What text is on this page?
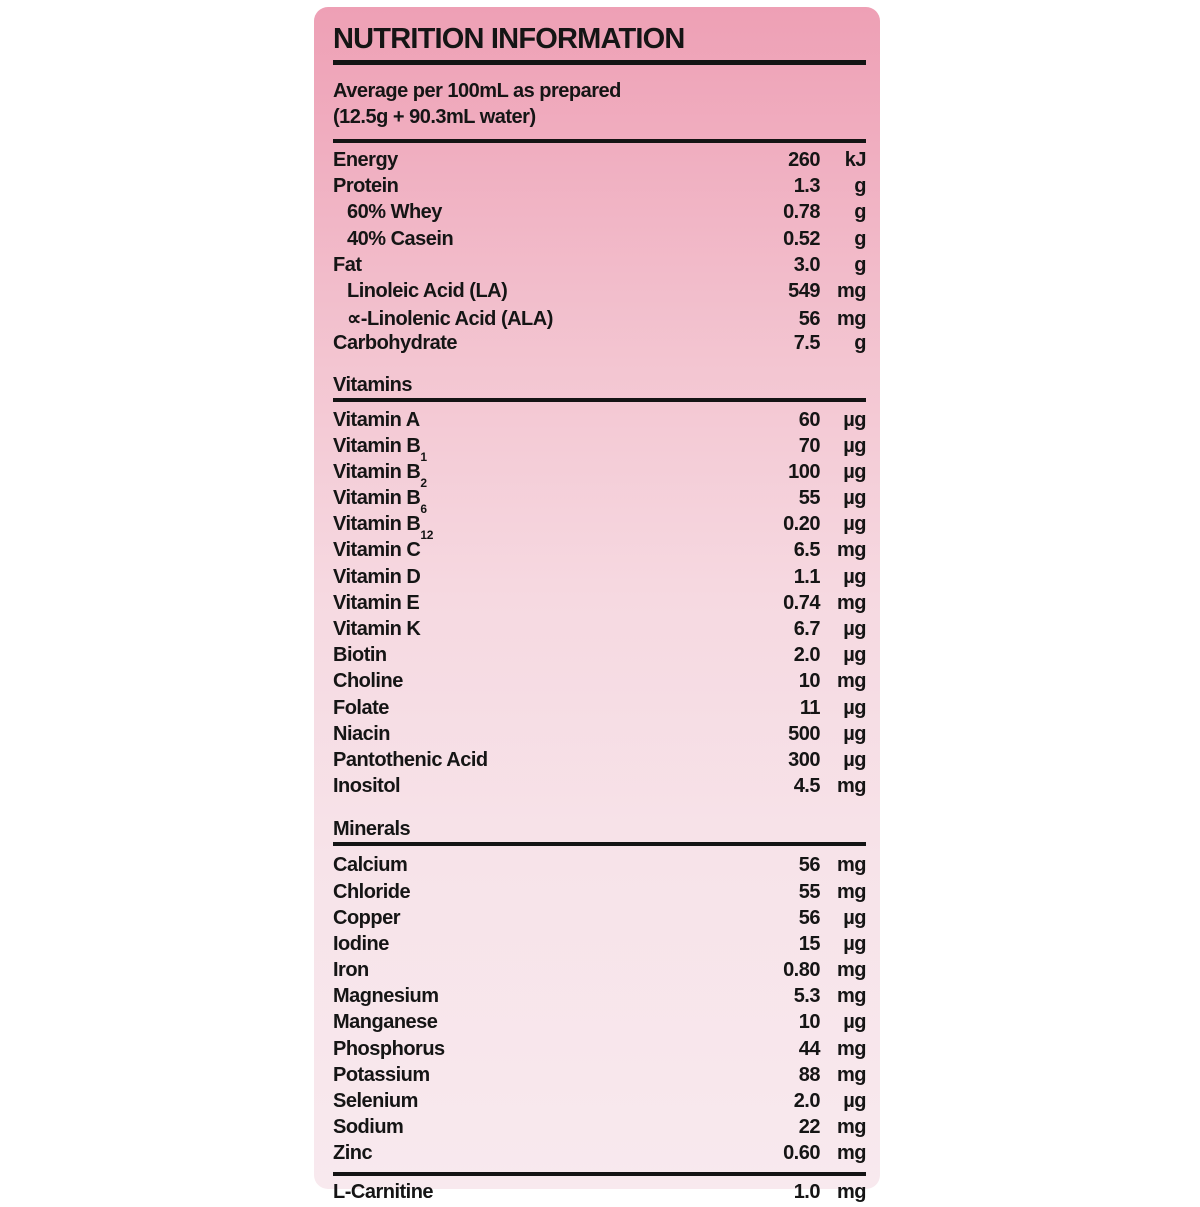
NUTRITION INFORMATION
Average per 100mL as prepared
(12.5g + 90.3mL water)
Energy	260	kJ
Protein	1.3	g
60% Whey	0.78	g
40% Casein	0.52	g
Fat	3.0	g
Linoleic Acid (LA)	549 mg
∝-Linolenic Acid (ALA)	56 mg
Carbohydrate	7.5	g
Vitamins
Vitamin A	60	µg
Vitamin $B_1$	70	µg
Vitamin $B_2$	100	µg
Vitamin $B_6$	55	µg
Vitamin $B_{12}$	0.20	µg
Vitamin C	6.5 mg
Vitamin D	1.1	µg
Vitamin E	0.74 mg
Vitamin K	6.7	µg
Biotin	2.0	µg
Choline	10 mg
Folate	11	µg
Niacin	500	µg
Pantothenic Acid	300	µg
Inositol	4.5 mg
Minerals
Calcium	56 mg
Chloride	55 mg
Copper	56	µg
Iodine	15	µg
Iron	0.80 mg
Magnesium	5.3 mg
Manganese	10	µg
Phosphorus	44 mg
Potassium	88 mg
Selenium	2.0	µg
Sodium	22 mg
Zinc	0.60 mg
L-Carnitine	1.0 mg
